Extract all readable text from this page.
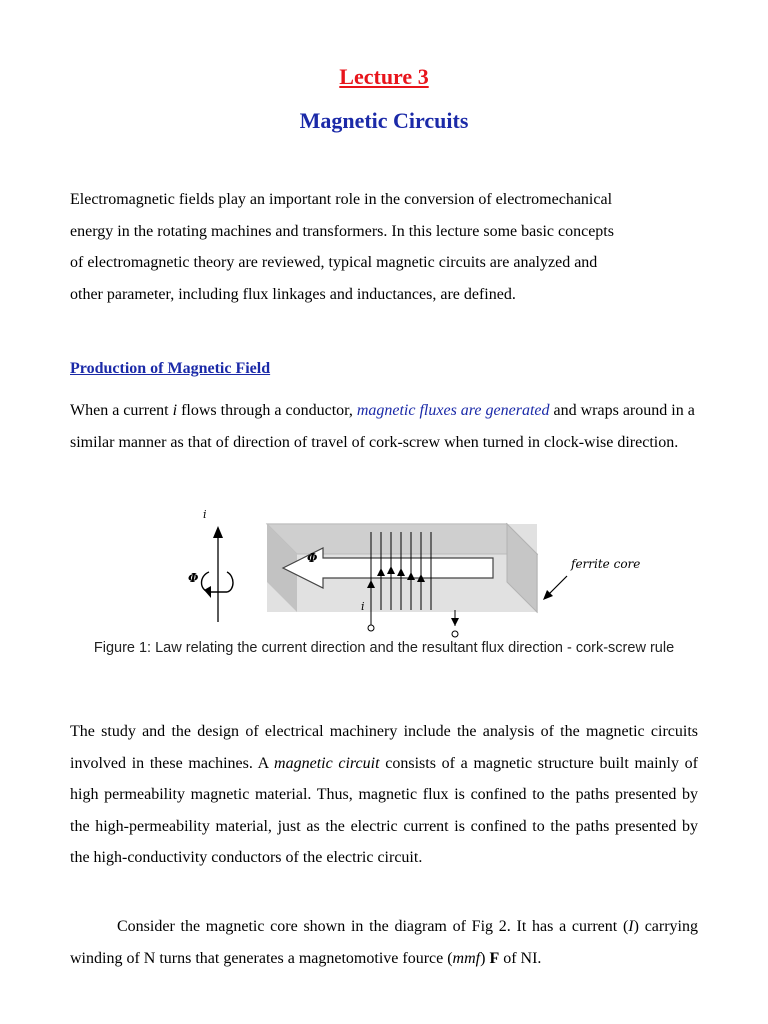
Lecture 3
Magnetic Circuits
Electromagnetic fields play an important role in the conversion of electromechanical
energy in the rotating machines and transformers. In this lecture some basic concepts
of electromagnetic theory are reviewed, typical magnetic circuits are analyzed and
other parameter, including flux linkages and inductances, are defined.
Production of Magnetic Field

When a current i flows through a conductor, magnetic fluxes are generated and wraps around in a similar manner as that of direction of travel of cork-screw when turned in clock-wise direction.

i
Φ
Φ
i
ferrite core
Figure 1: Law relating the current direction and the resultant flux direction - cork-screw rule

The study and the design of electrical machinery include the analysis of the magnetic circuits involved in these machines. A magnetic circuit consists of a magnetic structure built mainly of high permeability magnetic material. Thus, magnetic flux is confined to the paths presented by the high-permeability material, just as the electric current is confined to the paths presented by the high-conductivity conductors of the electric circuit.

Consider the magnetic core shown in the diagram of Fig 2. It has a current (I) carrying winding of N turns that generates a magnetomotive fource (mmf) F of NI.
